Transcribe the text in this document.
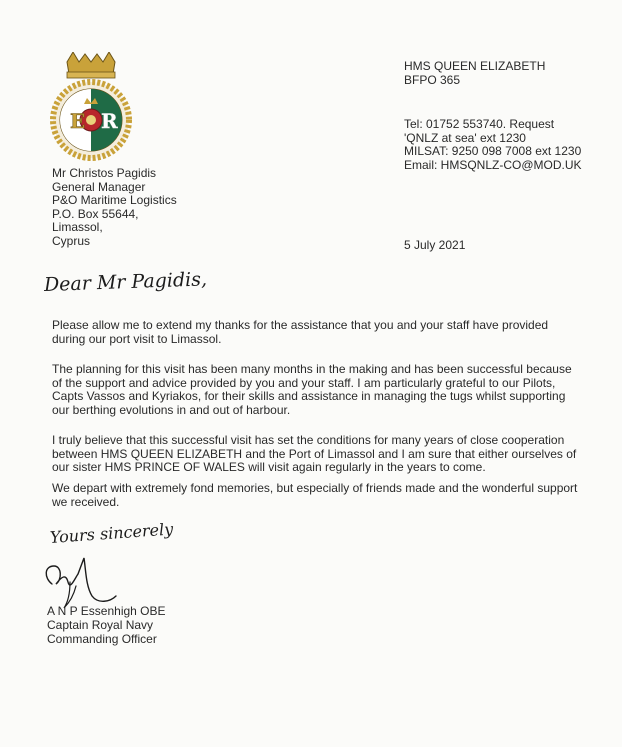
E R
HMS QUEEN ELIZABETH
BFPO 365
Tel: 01752 553740. Request
'QNLZ at sea' ext 1230
MILSAT: 9250 098 7008 ext 1230
Email: HMSQNLZ-CO@MOD.UK
Mr Christos Pagidis
General Manager
P&O Maritime Logistics
P.O. Box 55644,
Limassol,
Cyprus	5 July 2021
Dear Mr Pagidis,

Please allow me to extend my thanks for the assistance that you and your staff have provided during our port visit to Limassol.

The planning for this visit has been many months in the making and has been successful because of the support and advice provided by you and your staff. I am particularly grateful to our Pilots, Capts Vassos and Kyriakos, for their skills and assistance in managing the tugs whilst supporting our berthing evolutions in and out of harbour.

I truly believe that this successful visit has set the conditions for many years of close cooperation between HMS QUEEN ELIZABETH and the Port of Limassol and I am sure that either ourselves of our sister HMS PRINCE OF WALES will visit again regularly in the years to come.

We depart with extremely fond memories, but especially of friends made and the wonderful support we received.

Yours sincerely
A N P Essenhigh OBE
Captain Royal Navy
Commanding Officer
